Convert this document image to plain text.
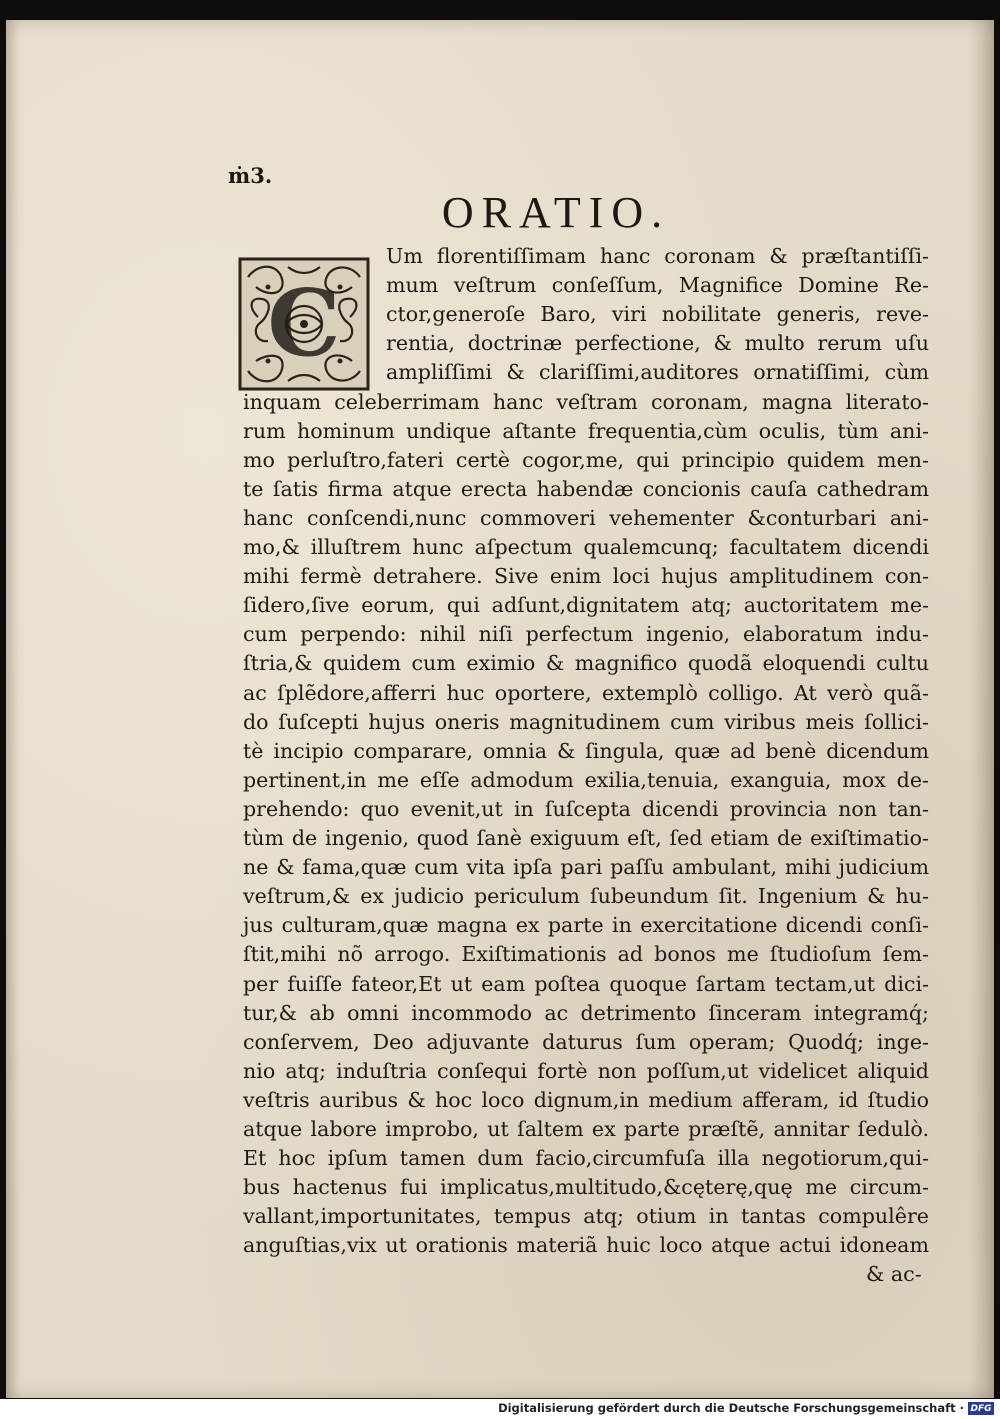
ṁ3.
ORATIO.
C
Um florentiſſimam hanc coronam & præſtantiſſi-
mum veſtrum conſeſſum, Magnifice Domine Re-
ctor,generoſe Baro, viri nobilitate generis, reve-
rentia, doctrinæ perfectione, & multo rerum uſu
ampliſſimi & clariſſimi,auditores ornatiſſimi, cùm
inquam celeberrimam hanc veſtram coronam, magna literato-
rum hominum undique aſtante frequentia,cùm oculis, tùm ani-
mo perluſtro,fateri certè cogor,me, qui principio quidem men-
te ſatis firma atque erecta habendæ concionis cauſa cathedram
hanc conſcendi,nunc commoveri vehementer &conturbari ani-
mo,& illuſtrem hunc aſpectum qualemcunq; facultatem dicendi
mihi fermè detrahere. Sive enim loci hujus amplitudinem con-
ſidero,ſive eorum, qui adſunt,dignitatem atq; auctoritatem me-
cum perpendo: nihil niſi perfectum ingenio, elaboratum indu-
ſtria,& quidem cum eximio & magnifico quodã eloquendi cultu
ac ſplẽdore,afferri huc oportere, extemplò colligo. At verò quã-
do ſuſcepti hujus oneris magnitudinem cum viribus meis ſollici-
tè incipio comparare, omnia & ſingula, quæ ad benè dicendum
pertinent,in me eſſe admodum exilia,tenuia, exanguia, mox de-
prehendo: quo evenit,ut in ſuſcepta dicendi provincia non tan-
tùm de ingenio, quod ſanè exiguum eſt, ſed etiam de exiſtimatio-
ne & fama,quæ cum vita ipſa pari paſſu ambulant, mihi judicium
veſtrum,& ex judicio periculum ſubeundum ſit. Ingenium & hu-
jus culturam,quæ magna ex parte in exercitatione dicendi conſi-
ſtit,mihi nõ arrogo. Exiſtimationis ad bonos me ſtudioſum ſem-
per fuiſſe fateor,Et ut eam poſtea quoque ſartam tectam,ut dici-
tur,& ab omni incommodo ac detrimento ſinceram integramq́;
conſervem, Deo adjuvante daturus ſum operam; Quodq́; inge-
nio atq; induſtria conſequi fortè non poſſum,ut videlicet aliquid
veſtris auribus & hoc loco dignum,in medium afferam, id ſtudio
atque labore improbo, ut ſaltem ex parte præſtẽ, annitar ſedulò.
Et hoc ipſum tamen dum facio,circumfuſa illa negotiorum,qui-
bus hactenus fui implicatus,multitudo,&cęterę,quę me circum-
vallant,importunitates, tempus atq; otium in tantas compulêre
anguſtias,vix ut orationis materiã huic loco atque actui idoneam
& ac-
Digitalisierung gefördert durch die Deutsche Forschungsgemeinschaft · DFG
